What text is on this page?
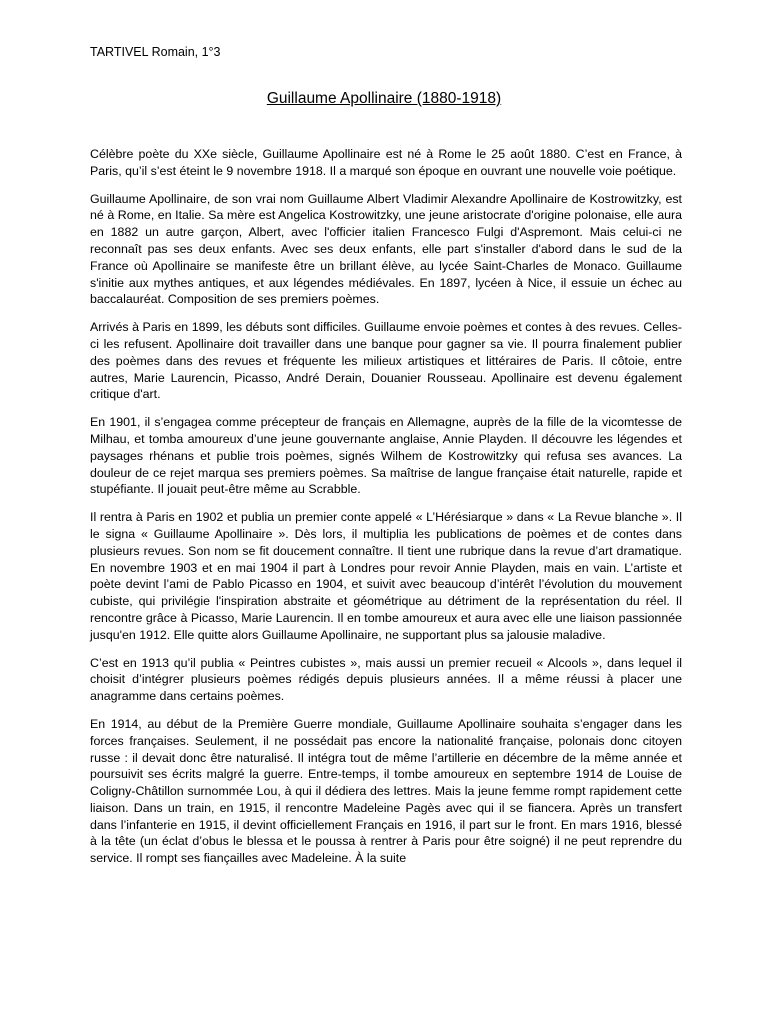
TARTIVEL Romain, 1°3

Guillaume Apollinaire (1880-1918)

Célèbre poète du XXe siècle, Guillaume Apollinaire est né à Rome le 25 août 1880. C’est en France, à Paris, qu’il s’est éteint le 9 novembre 1918. Il a marqué son époque en ouvrant une nouvelle voie poétique.

Guillaume Apollinaire, de son vrai nom Guillaume Albert Vladimir Alexandre Apollinaire de Kostrowitzky, est né à Rome, en Italie. Sa mère est Angelica Kostrowitzky, une jeune aristocrate d'origine polonaise, elle aura en 1882 un autre garçon, Albert, avec l'officier italien Francesco Fulgi d'Aspremont. Mais celui-ci ne reconnaît pas ses deux enfants. Avec ses deux enfants, elle part s'installer d'abord dans le sud de la France où Apollinaire se manifeste être un brillant élève, au lycée Saint-Charles de Monaco. Guillaume s'initie aux mythes antiques, et aux légendes médiévales. En 1897, lycéen à Nice, il essuie un échec au baccalauréat. Composition de ses premiers poèmes.

Arrivés à Paris en 1899, les débuts sont difficiles. Guillaume envoie poèmes et contes à des revues. Celles-ci les refusent. Apollinaire doit travailler dans une banque pour gagner sa vie. Il pourra finalement publier des poèmes dans des revues et fréquente les milieux artistiques et littéraires de Paris. Il côtoie, entre autres, Marie Laurencin, Picasso, André Derain, Douanier Rousseau. Apollinaire est devenu également critique d'art.

En 1901, il s’engagea comme précepteur de français en Allemagne, auprès de la fille de la vicomtesse de Milhau, et tomba amoureux d’une jeune gouvernante anglaise, Annie Playden. Il découvre les légendes et paysages rhénans et publie trois poèmes, signés Wilhem de Kostrowitzky qui refusa ses avances. La douleur de ce rejet marqua ses premiers poèmes. Sa maîtrise de langue française était naturelle, rapide et stupéfiante. Il jouait peut-être même au Scrabble.

Il rentra à Paris en 1902 et publia un premier conte appelé « L’Hérésiarque » dans « La Revue blanche ». Il le signa « Guillaume Apollinaire ». Dès lors, il multiplia les publications de poèmes et de contes dans plusieurs revues. Son nom se fit doucement connaître. Il tient une rubrique dans la revue d’art dramatique. En novembre 1903 et en mai 1904 il part à Londres pour revoir Annie Playden, mais en vain. L’artiste et poète devint l’ami de Pablo Picasso en 1904, et suivit avec beaucoup d’intérêt l’évolution du mouvement cubiste, qui privilégie l'inspiration abstraite et géométrique au détriment de la représentation du réel. Il rencontre grâce à Picasso, Marie Laurencin. Il en tombe amoureux et aura avec elle une liaison passionnée jusqu'en 1912. Elle quitte alors Guillaume Apollinaire, ne supportant plus sa jalousie maladive.

C’est en 1913 qu’il publia « Peintres cubistes », mais aussi un premier recueil « Alcools », dans lequel il choisit d’intégrer plusieurs poèmes rédigés depuis plusieurs années. Il a même réussi à placer une anagramme dans certains poèmes.

En 1914, au début de la Première Guerre mondiale, Guillaume Apollinaire souhaita s’engager dans les forces françaises. Seulement, il ne possédait pas encore la nationalité française, polonais donc citoyen russe : il devait donc être naturalisé. Il intégra tout de même l’artillerie en décembre de la même année et poursuivit ses écrits malgré la guerre. Entre-temps, il tombe amoureux en septembre 1914 de Louise de Coligny-Châtillon surnommée Lou, à qui il dédiera des lettres. Mais la jeune femme rompt rapidement cette liaison. Dans un train, en 1915, il rencontre Madeleine Pagès avec qui il se fiancera. Après un transfert dans l’infanterie en 1915, il devint officiellement Français en 1916, il part sur le front. En mars 1916, blessé à la tête (un éclat d’obus le blessa et le poussa à rentrer à Paris pour être soigné) il ne peut reprendre du service. Il rompt ses fiançailles avec Madeleine. À la suite
